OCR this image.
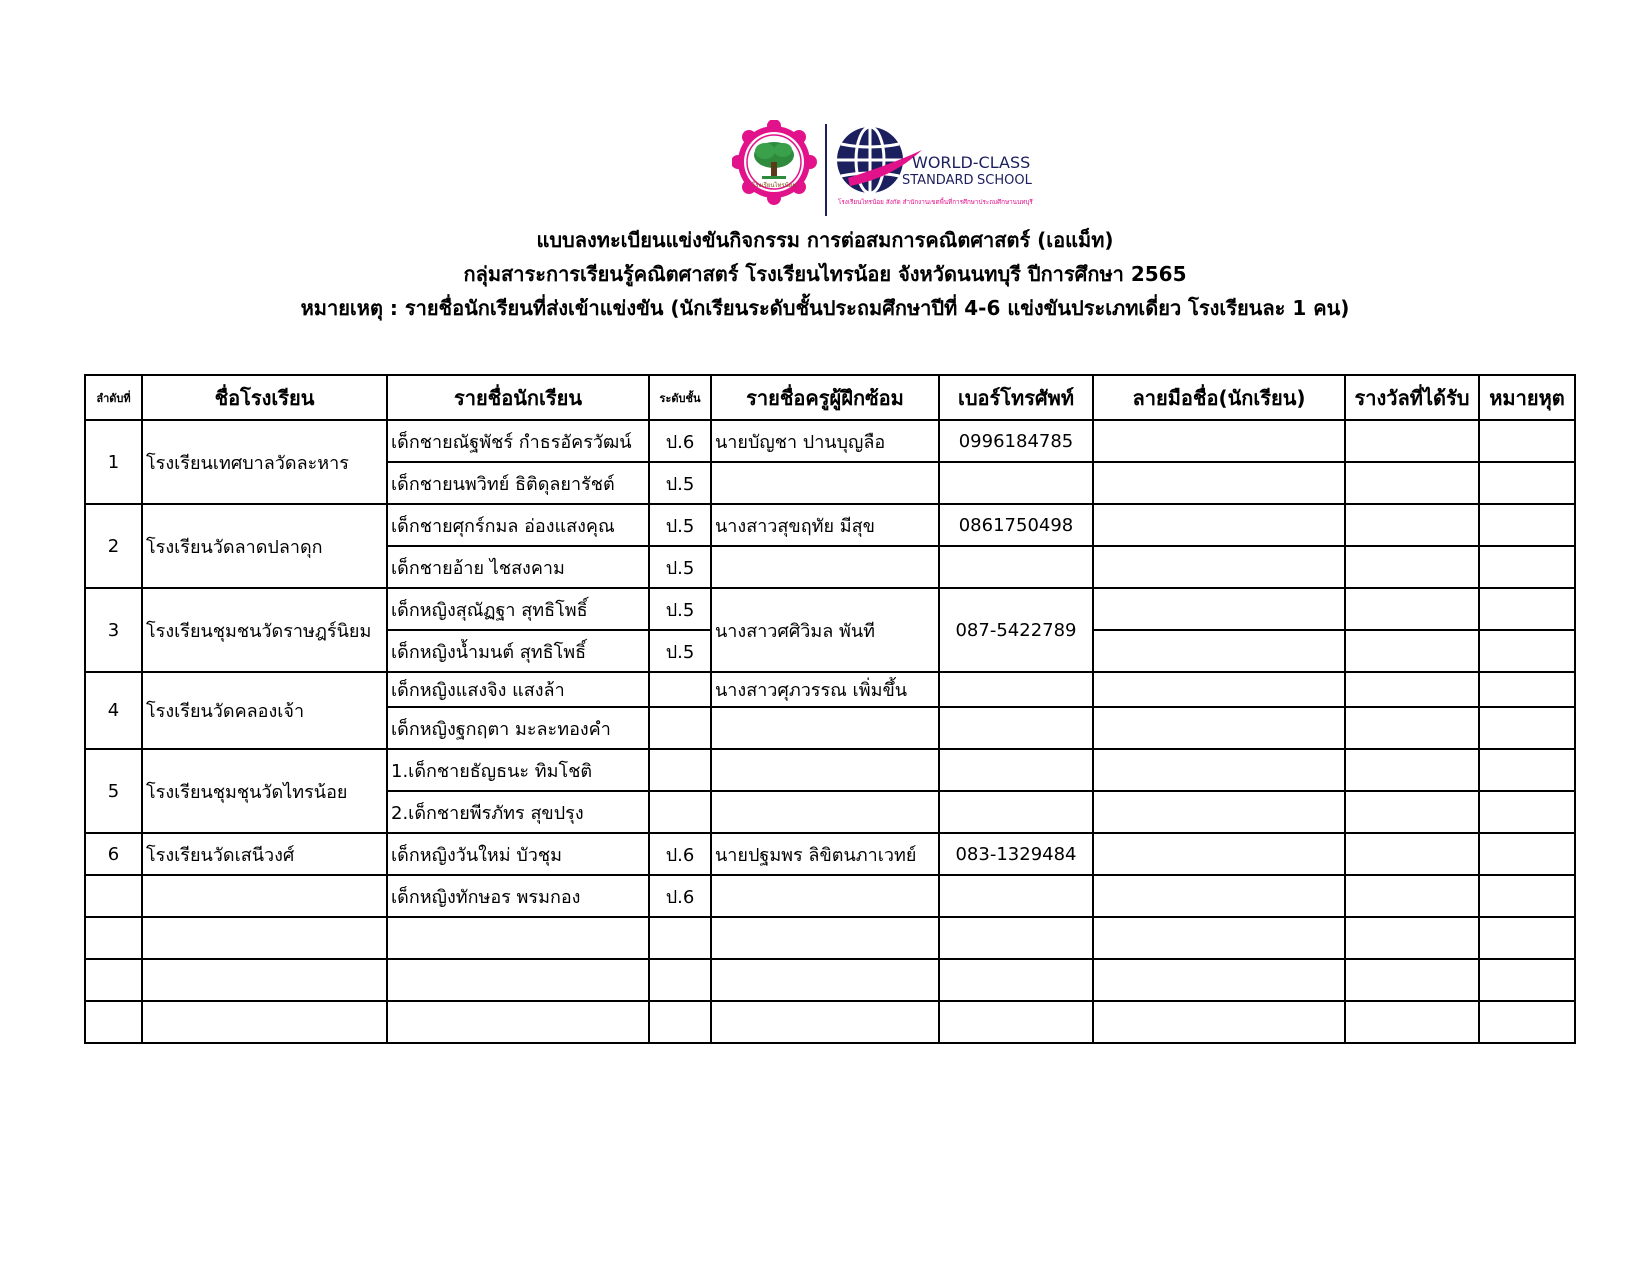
โรงเรียนไทรน้อย
WORLD-CLASS
STANDARD SCHOOL
โรงเรียนไทรน้อย สังกัด สำนักงานเขตพื้นที่การศึกษาประถมศึกษานนทบุรี
แบบลงทะเบียนแข่งขันกิจกรรม การต่อสมการคณิตศาสตร์ (เอแม็ท)
กลุ่มสาระการเรียนรู้คณิตศาสตร์ โรงเรียนไทรน้อย จังหวัดนนทบุรี ปีการศึกษา 2565
หมายเหตุ : รายชื่อนักเรียนที่ส่งเข้าแข่งขัน (นักเรียนระดับชั้นประถมศึกษาปีที่ 4-6 แข่งขันประเภทเดี่ยว โรงเรียนละ 1 คน)
ลำดับที่	ชื่อโรงเรียน	รายชื่อนักเรียน	ระดับชั้น	รายชื่อครูผู้ฝึกซ้อม	เบอร์โทรศัพท์	ลายมือชื่อ(นักเรียน)	รางวัลที่ได้รับ	หมายหุต
1	โรงเรียนเทศบาลวัดละหาร	เด็กชายณัฐพัชร์ กำธรอัครวัฒน์	ป.6	นายบัญชา ปานบุญลือ	0996184785			
		เด็กชายนพวิทย์ ธิติดุลยารัชต์	ป.5					
2	โรงเรียนวัดลาดปลาดุก	เด็กชายศุกร์กมล อ่องแสงคุณ	ป.5	นางสาวสุขฤทัย มีสุข	0861750498			
		เด็กชายอ้าย ไชสงคาม	ป.5					
3	โรงเรียนชุมชนวัดราษฎร์นิยม	เด็กหญิงสุณัฏฐา สุทธิโพธิ์	ป.5	นางสาวศศิวิมล พันที	087-5422789			
		เด็กหญิงน้ำมนต์ สุทธิโพธิ์	ป.5					
4	โรงเรียนวัดคลองเจ้า	เด็กหญิงแสงจิง แสงล้า		นางสาวศุภวรรณ เพิ่มขึ้น				
		เด็กหญิงฐกฤตา มะละทองคำ						
5	โรงเรียนชุมชุนวัดไทรน้อย	1.เด็กชายธัญธนะ ทิมโชติ						
		2.เด็กชายพีรภัทร สุขปรุง						
6	โรงเรียนวัดเสนีวงศ์	เด็กหญิงวันใหม่ บัวชุม	ป.6	นายปฐมพร ลิขิตนภาเวทย์	083-1329484			
		เด็กหญิงทักษอร พรมกอง	ป.6					
